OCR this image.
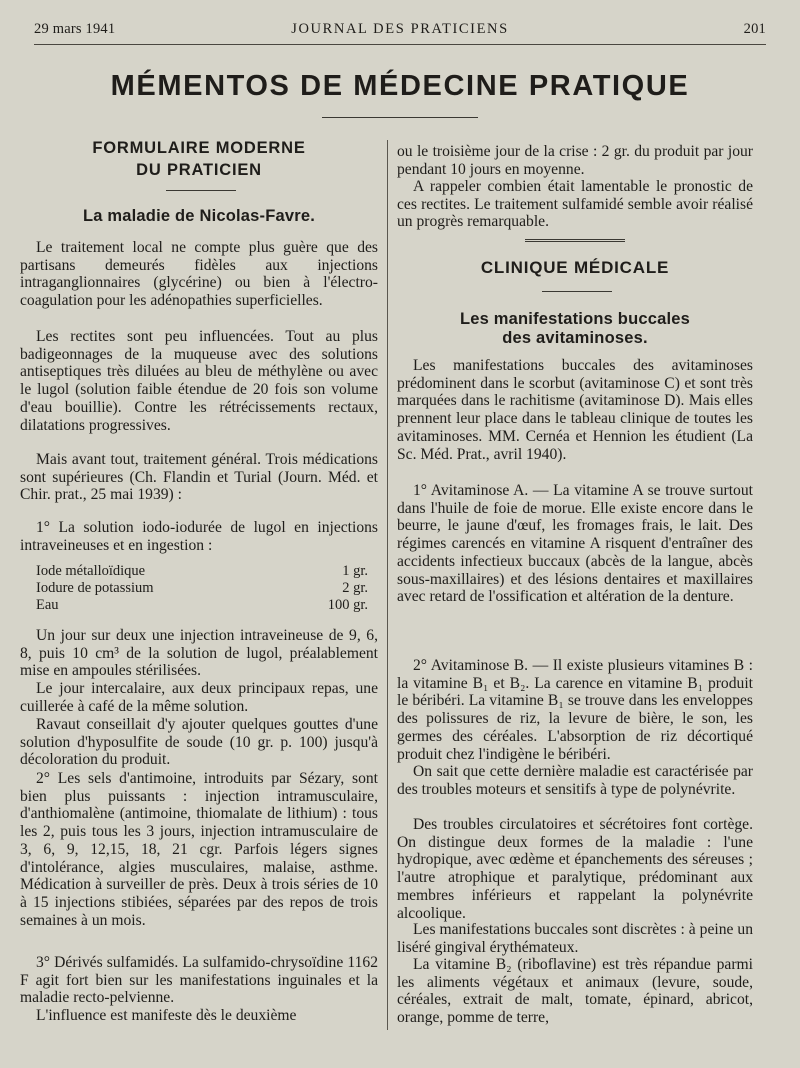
29 mars 1941	JOURNAL DES PRATICIENS	201
MÉMENTOS DE MÉDECINE PRATIQUE
FORMULAIRE MODERNE
DU PRATICIEN
La maladie de Nicolas-Favre.

Le traitement local ne compte plus guère que des partisans demeurés fidèles aux injections intraganglionnaires (glycérine) ou bien à l'électro-coagulation pour les adénopathies superficielles.

Les rectites sont peu influencées. Tout au plus badigeonnages de la muqueuse avec des solutions antiseptiques très diluées au bleu de méthylène ou avec le lugol (solution faible étendue de 20 fois son volume d'eau bouillie). Contre les rétrécissements rectaux, dilatations progressives.

Mais avant tout, traitement général. Trois médications sont supérieures (Ch. Flandin et Turial (Journ. Méd. et Chir. prat., 25 mai 1939) :

1° La solution iodo-iodurée de lugol en injections intraveineuses et en ingestion :

Iode métalloïdique	1 gr.
Iodure de potassium	2 gr.
Eau	100 gr.

Un jour sur deux une injection intraveineuse de 9, 6, 8, puis 10 cm³ de la solution de lugol, préalablement mise en ampoules stérilisées.

Le jour intercalaire, aux deux principaux repas, une cuillerée à café de la même solution.

Ravaut conseillait d'y ajouter quelques gouttes d'une solution d'hyposulfite de soude (10 gr. p. 100) jusqu'à décoloration du produit.

2° Les sels d'antimoine, introduits par Sézary, sont bien plus puissants : injection intramusculaire, d'anthiomalène (antimoine, thiomalate de lithium) : tous les 2, puis tous les 3 jours, injection intramusculaire de 3, 6, 9, 12,15, 18, 21 cgr. Parfois légers signes d'intolérance, algies musculaires, malaise, asthme. Médication à surveiller de près. Deux à trois séries de 10 à 15 injections stibiées, séparées par des repos de trois semaines à un mois.

3° Dérivés sulfamidés. La sulfamido-chrysoïdine 1162 F agit fort bien sur les manifestations inguinales et la maladie recto-pelvienne.

L'influence est manifeste dès le deuxième

ou le troisième jour de la crise : 2 gr. du produit par jour pendant 10 jours en moyenne.

A rappeler combien était lamentable le pronostic de ces rectites. Le traitement sulfamidé semble avoir réalisé un progrès remarquable.

CLINIQUE MÉDICALE
Les manifestations buccales
des avitaminoses.

Les manifestations buccales des avitaminoses prédominent dans le scorbut (avitaminose C) et sont très marquées dans le rachitisme (avitaminose D). Mais elles prennent leur place dans le tableau clinique de toutes les avitaminoses. MM. Cernéa et Hennion les étudient (La Sc. Méd. Prat., avril 1940).

1° Avitaminose A. — La vitamine A se trouve surtout dans l'huile de foie de morue. Elle existe encore dans le beurre, le jaune d'œuf, les fromages frais, le lait. Des régimes carencés en vitamine A risquent d'entraîner des accidents infectieux buccaux (abcès de la langue, abcès sous-maxillaires) et des lésions dentaires et maxillaires avec retard de l'ossification et altération de la denture.

2° Avitaminose B. — Il existe plusieurs vitamines B : la vitamine B₁ et B₂. La carence en vitamine B₁ produit le béribéri. La vitamine B₁ se trouve dans les enveloppes des polissures de riz, la levure de bière, le son, les germes des céréales. L'absorption de riz décortiqué produit chez l'indigène le béribéri.

On sait que cette dernière maladie est caractérisée par des troubles moteurs et sensitifs à type de polynévrite.

Des troubles circulatoires et sécrétoires font cortège. On distingue deux formes de la maladie : l'une hydropique, avec œdème et épanchements des séreuses ; l'autre atrophique et paralytique, prédominant aux membres inférieurs et rappelant la polynévrite alcoolique.

Les manifestations buccales sont discrètes : à peine un liséré gingival érythémateux.

La vitamine B₂ (riboflavine) est très répandue parmi les aliments végétaux et animaux (levure, soude, céréales, extrait de malt, tomate, épinard, abricot, orange, pomme de terre,
